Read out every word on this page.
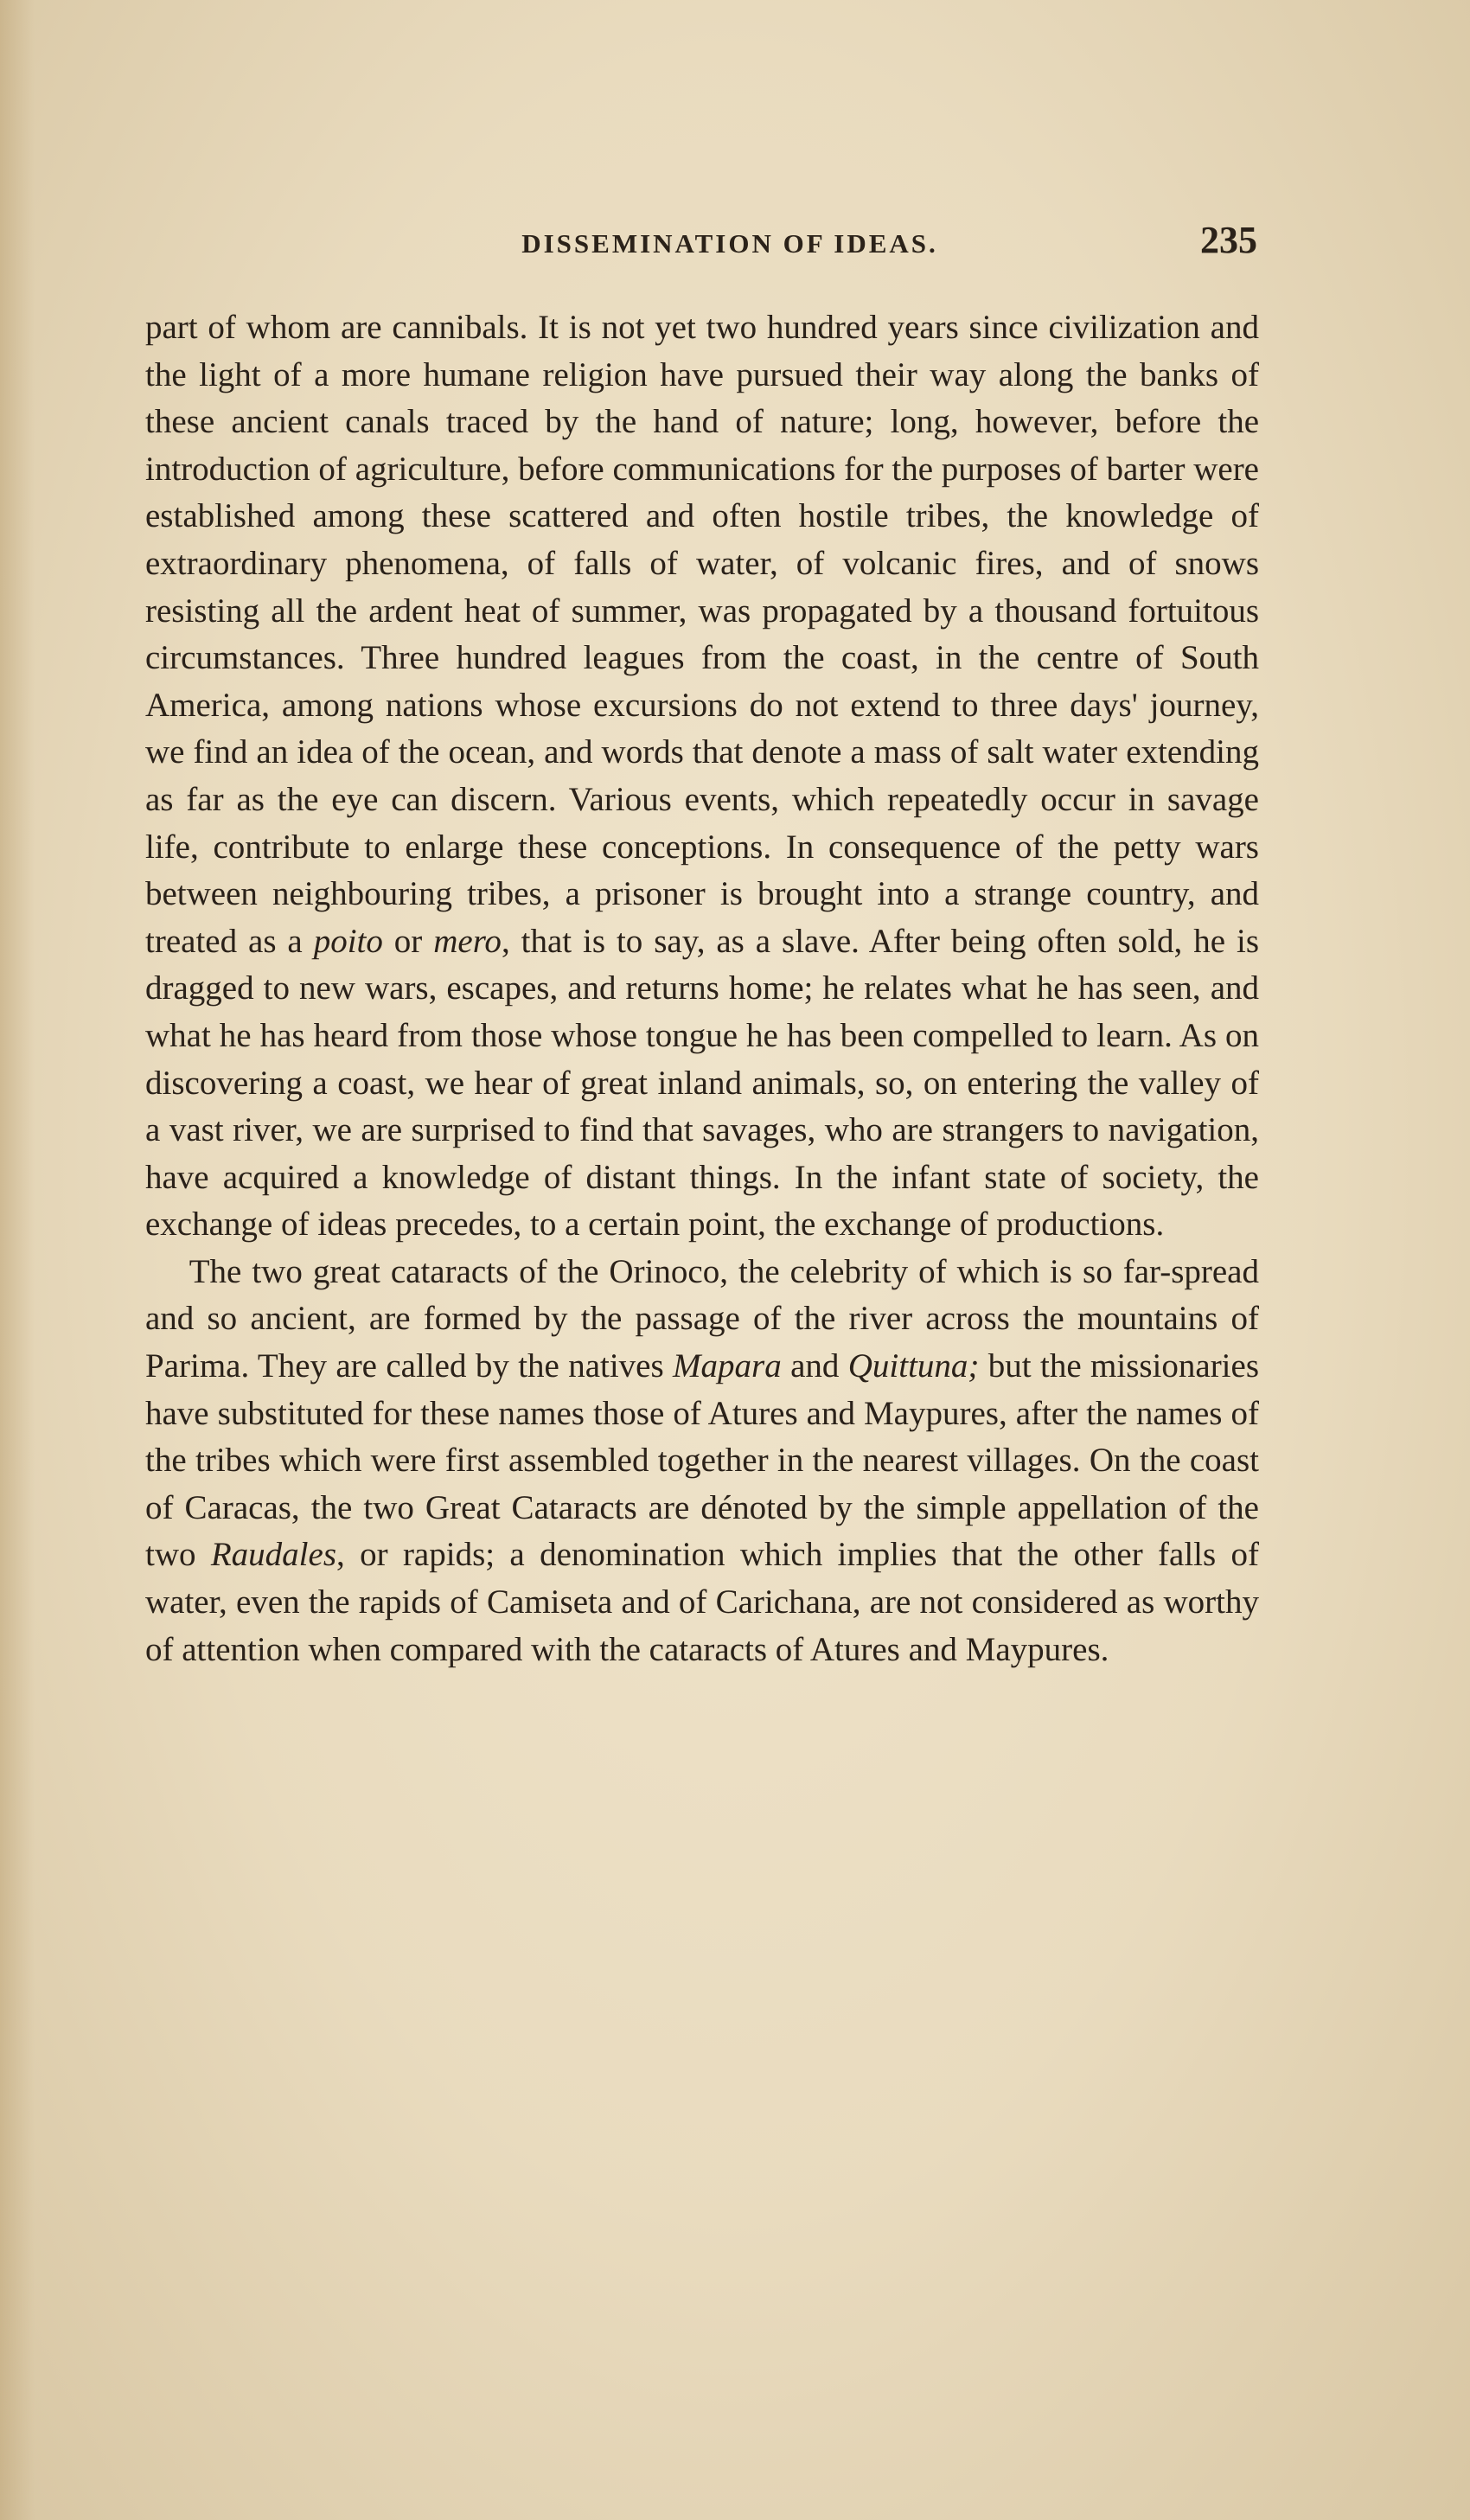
DISSEMINATION OF IDEAS.	235

part of whom are cannibals. It is not yet two hundred years since civilization and the light of a more humane religion have pursued their way along the banks of these ancient canals traced by the hand of nature; long, however, before the introduction of agriculture, before communications for the purposes of barter were established among these scattered and often hostile tribes, the knowledge of extraordinary phenomena, of falls of water, of volcanic fires, and of snows resisting all the ardent heat of summer, was propagated by a thousand fortuitous circumstances. Three hundred leagues from the coast, in the centre of South America, among nations whose excursions do not extend to three days' journey, we find an idea of the ocean, and words that denote a mass of salt water extending as far as the eye can discern. Various events, which repeatedly occur in savage life, contribute to enlarge these conceptions. In consequence of the petty wars between neighbouring tribes, a prisoner is brought into a strange country, and treated as a poito or mero, that is to say, as a slave. After being often sold, he is dragged to new wars, escapes, and returns home; he relates what he has seen, and what he has heard from those whose tongue he has been compelled to learn. As on discovering a coast, we hear of great inland animals, so, on entering the valley of a vast river, we are surprised to find that savages, who are strangers to navigation, have acquired a knowledge of distant things. In the infant state of society, the exchange of ideas precedes, to a certain point, the exchange of productions.

The two great cataracts of the Orinoco, the celebrity of which is so far-spread and so ancient, are formed by the passage of the river across the mountains of Parima. They are called by the natives Mapara and Quittuna; but the missionaries have substituted for these names those of Atures and Maypures, after the names of the tribes which were first assembled together in the nearest villages. On the coast of Caracas, the two Great Cataracts are dénoted by the simple appellation of the two Raudales, or rapids; a denomination which implies that the other falls of water, even the rapids of Camiseta and of Carichana, are not considered as worthy of attention when compared with the cataracts of Atures and Maypures.
